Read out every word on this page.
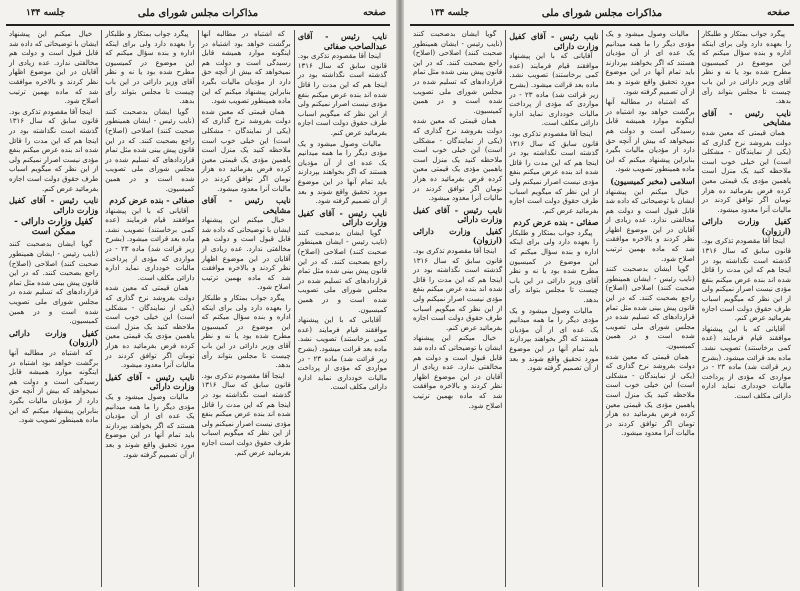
صفحه
مذاکرات مجلس شورای ملی
جلسه ۱۳۴

نایب رئیس - آقای عبدالصاحب صفائی

اینجا آقا مقصودم تذکری بود. قانون سابق که سال ۱۳۱۶ گذشته است نگذاشته بود در اینجا هم که این مدت را قائل شده اند بنده عرض میکنم بنفع مؤدی نیست اصرار نمیکنم ولی از این نظر که میگویم اسباب طرف حقوق دولت است اجازه بفرمائید عرض کنم.

مالیات وصول میشود و یک مؤدی دیگر را ما همه میدانیم یک عده ای از آن مؤدیان هستند که اگر بخواهند بپردازند باید تمام آنها در این موضوع مورد تحقیق واقع شوند و بعد از آن تصمیم گرفته شود.

نایب رئیس - آقای کفیل وزارت دارائی

گویا ایشان بدصحبت کنند (نایب رئیس - ایشان همینطور صحبت کنند) اصلاحی (اصلاح) راجع بصحبت کنند. که در این قانون پیش بینی شده مثل تمام قراردادهای که تسلیم شده در مجلس شورای ملی تصویب شده است و در همین کمیسیون.

آقایانی که با این پیشنهاد موافقند قیام فرمایند (عده کمی برخاستند) تصویب نشد. ماده بعد قرائت میشود. (بشرح زیر قرائت شد) ماده ۲۳ - در مواردی که مؤدی از پرداخت مالیات خودداری نماید اداره دارائی مکلف است.

که اشتباه در مطالبه آنها برگشت خواهد بود اشتباه در اینگونه موارد همیشه قابل رسیدگی است و دولت هم نمیخواهد که بیش از آنچه حق دارد از مؤدیان مالیات بگیرد بنابراین پیشنهاد میکنم که این ماده همینطور تصویب شود.

همان قیمتی که معین شده دولت بفروشد نرخ گذاری که (یکی از نمایندگان - مشکلی است) این خیلی خوب است ملاحظه کنید یک منزل است یاهمین مؤدی یک قیمتی معین کرده فرض بفرمائید ده هزار تومان اگر توافق کردند در مالیات آنرا معدود میشود.

نایب رئیس - آقای مشایخی

خیال میکنم این پیشنهاد ایشان با توضیحاتی که داده شد قابل قبول است و دولت هم مخالفتی ندارد. عده زیادی از آقایان در این موضوع اظهار نظر کردند و بالاخره موافقت شد که ماده بهمین ترتیب اصلاح شود.

پیگرد جواب بمتکار و طلبکار را بعهده دارد ولی برای اینکه اداره و بنده سؤال میکنم که این موضوع در کمیسیون مطرح شده بود یا نه و نظر آقای وزیر دارائی در این باب چیست تا مجلس بتواند رأی بدهد.

اینجا آقا مقصودم تذکری بود. قانون سابق که سال ۱۳۱۶ گذشته است نگذاشته بود در اینجا هم که این مدت را قائل شده اند بنده عرض میکنم بنفع مؤدی نیست اصرار نمیکنم ولی از این نظر که میگویم اسباب طرف حقوق دولت است اجازه بفرمائید عرض کنم.

پیگرد جواب بمتکار و طلبکار را بعهده دارد ولی برای اینکه اداره و بنده سؤال میکنم که این موضوع در کمیسیون مطرح شده بود یا نه و نظر آقای وزیر دارائی در این باب چیست تا مجلس بتواند رأی بدهد.

گویا ایشان بدصحبت کنند (نایب رئیس - ایشان همینطور صحبت کنند) اصلاحی (اصلاح) راجع بصحبت کنند. که در این قانون پیش بینی شده مثل تمام قراردادهای که تسلیم شده در مجلس شورای ملی تصویب شده است و در همین کمیسیون.

صفائی - بنده عرض کردم

آقایانی که با این پیشنهاد موافقند قیام فرمایند (عده کمی برخاستند) تصویب نشد. ماده بعد قرائت میشود. (بشرح زیر قرائت شد) ماده ۲۳ - در مواردی که مؤدی از پرداخت مالیات خودداری نماید اداره دارائی مکلف است.

همان قیمتی که معین شده دولت بفروشد نرخ گذاری که (یکی از نمایندگان - مشکلی است) این خیلی خوب است ملاحظه کنید یک منزل است یاهمین مؤدی یک قیمتی معین کرده فرض بفرمائید ده هزار تومان اگر توافق کردند در مالیات آنرا معدود میشود.

نایب رئیس - آقای کفیل وزارت دارائی

مالیات وصول میشود و یک مؤدی دیگر را ما همه میدانیم یک عده ای از آن مؤدیان هستند که اگر بخواهند بپردازند باید تمام آنها در این موضوع مورد تحقیق واقع شوند و بعد از آن تصمیم گرفته شود.

خیال میکنم این پیشنهاد ایشان با توضیحاتی که داده شد قابل قبول است و دولت هم مخالفتی ندارد. عده زیادی از آقایان در این موضوع اظهار نظر کردند و بالاخره موافقت شد که ماده بهمین ترتیب اصلاح شود.

اینجا آقا مقصودم تذکری بود. قانون سابق که سال ۱۳۱۶ گذشته است نگذاشته بود در اینجا هم که این مدت را قائل شده اند بنده عرض میکنم بنفع مؤدی نیست اصرار نمیکنم ولی از این نظر که میگویم اسباب طرف حقوق دولت است اجازه بفرمائید عرض کنم.

نایب رئیس - آقای کفیل وزارت دارائی

کفیل وزارت دارائی - ممکن است

گویا ایشان بدصحبت کنند (نایب رئیس - ایشان همینطور صحبت کنند) اصلاحی (اصلاح) راجع بصحبت کنند. که در این قانون پیش بینی شده مثل تمام قراردادهای که تسلیم شده در مجلس شورای ملی تصویب شده است و در همین کمیسیون.

کفیل وزارت دارائی (ارزوان)

که اشتباه در مطالبه آنها برگشت خواهد بود اشتباه در اینگونه موارد همیشه قابل رسیدگی است و دولت هم نمیخواهد که بیش از آنچه حق دارد از مؤدیان مالیات بگیرد بنابراین پیشنهاد میکنم که این ماده همینطور تصویب شود.

صفحه
مذاکرات مجلس شورای ملی
جلسه ۱۳۴

پیگرد جواب بمتکار و طلبکار را بعهده دارد ولی برای اینکه اداره و بنده سؤال میکنم که این موضوع در کمیسیون مطرح شده بود یا نه و نظر آقای وزیر دارائی در این باب چیست تا مجلس بتواند رأی بدهد.

نایب رئیس - آقای مشایخی

همان قیمتی که معین شده دولت بفروشد نرخ گذاری که (یکی از نمایندگان - مشکلی است) این خیلی خوب است ملاحظه کنید یک منزل است یاهمین مؤدی یک قیمتی معین کرده فرض بفرمائید ده هزار تومان اگر توافق کردند در مالیات آنرا معدود میشود.

کفیل وزارت دارائی (ارزوان)

اینجا آقا مقصودم تذکری بود. قانون سابق که سال ۱۳۱۶ گذشته است نگذاشته بود در اینجا هم که این مدت را قائل شده اند بنده عرض میکنم بنفع مؤدی نیست اصرار نمیکنم ولی از این نظر که میگویم اسباب طرف حقوق دولت است اجازه بفرمائید عرض کنم.

آقایانی که با این پیشنهاد موافقند قیام فرمایند (عده کمی برخاستند) تصویب نشد. ماده بعد قرائت میشود. (بشرح زیر قرائت شد) ماده ۲۳ - در مواردی که مؤدی از پرداخت مالیات خودداری نماید اداره دارائی مکلف است.

مالیات وصول میشود و یک مؤدی دیگر را ما همه میدانیم یک عده ای از آن مؤدیان هستند که اگر بخواهند بپردازند باید تمام آنها در این موضوع مورد تحقیق واقع شوند و بعد از آن تصمیم گرفته شود.

که اشتباه در مطالبه آنها برگشت خواهد بود اشتباه در اینگونه موارد همیشه قابل رسیدگی است و دولت هم نمیخواهد که بیش از آنچه حق دارد از مؤدیان مالیات بگیرد بنابراین پیشنهاد میکنم که این ماده همینطور تصویب شود.

اسلامی (مخبر کمیسیون)

خیال میکنم این پیشنهاد ایشان با توضیحاتی که داده شد قابل قبول است و دولت هم مخالفتی ندارد. عده زیادی از آقایان در این موضوع اظهار نظر کردند و بالاخره موافقت شد که ماده بهمین ترتیب اصلاح شود.

گویا ایشان بدصحبت کنند (نایب رئیس - ایشان همینطور صحبت کنند) اصلاحی (اصلاح) راجع بصحبت کنند. که در این قانون پیش بینی شده مثل تمام قراردادهای که تسلیم شده در مجلس شورای ملی تصویب شده است و در همین کمیسیون.

همان قیمتی که معین شده دولت بفروشد نرخ گذاری که (یکی از نمایندگان - مشکلی است) این خیلی خوب است ملاحظه کنید یک منزل است یاهمین مؤدی یک قیمتی معین کرده فرض بفرمائید ده هزار تومان اگر توافق کردند در مالیات آنرا معدود میشود.

نایب رئیس - آقای کفیل وزارت دارائی

آقایانی که با این پیشنهاد موافقند قیام فرمایند (عده کمی برخاستند) تصویب نشد. ماده بعد قرائت میشود. (بشرح زیر قرائت شد) ماده ۲۳ - در مواردی که مؤدی از پرداخت مالیات خودداری نماید اداره دارائی مکلف است.

اینجا آقا مقصودم تذکری بود. قانون سابق که سال ۱۳۱۶ گذشته است نگذاشته بود در اینجا هم که این مدت را قائل شده اند بنده عرض میکنم بنفع مؤدی نیست اصرار نمیکنم ولی از این نظر که میگویم اسباب طرف حقوق دولت است اجازه بفرمائید عرض کنم.

صفائی - بنده عرض کردم

پیگرد جواب بمتکار و طلبکار را بعهده دارد ولی برای اینکه اداره و بنده سؤال میکنم که این موضوع در کمیسیون مطرح شده بود یا نه و نظر آقای وزیر دارائی در این باب چیست تا مجلس بتواند رأی بدهد.

مالیات وصول میشود و یک مؤدی دیگر را ما همه میدانیم یک عده ای از آن مؤدیان هستند که اگر بخواهند بپردازند باید تمام آنها در این موضوع مورد تحقیق واقع شوند و بعد از آن تصمیم گرفته شود.

گویا ایشان بدصحبت کنند (نایب رئیس - ایشان همینطور صحبت کنند) اصلاحی (اصلاح) راجع بصحبت کنند. که در این قانون پیش بینی شده مثل تمام قراردادهای که تسلیم شده در مجلس شورای ملی تصویب شده است و در همین کمیسیون.

همان قیمتی که معین شده دولت بفروشد نرخ گذاری که (یکی از نمایندگان - مشکلی است) این خیلی خوب است ملاحظه کنید یک منزل است یاهمین مؤدی یک قیمتی معین کرده فرض بفرمائید ده هزار تومان اگر توافق کردند در مالیات آنرا معدود میشود.

نایب رئیس - آقای کفیل وزارت دارائی

کفیل وزارت دارائی (ارزوان)

اینجا آقا مقصودم تذکری بود. قانون سابق که سال ۱۳۱۶ گذشته است نگذاشته بود در اینجا هم که این مدت را قائل شده اند بنده عرض میکنم بنفع مؤدی نیست اصرار نمیکنم ولی از این نظر که میگویم اسباب طرف حقوق دولت است اجازه بفرمائید عرض کنم.

خیال میکنم این پیشنهاد ایشان با توضیحاتی که داده شد قابل قبول است و دولت هم مخالفتی ندارد. عده زیادی از آقایان در این موضوع اظهار نظر کردند و بالاخره موافقت شد که ماده بهمین ترتیب اصلاح شود.
